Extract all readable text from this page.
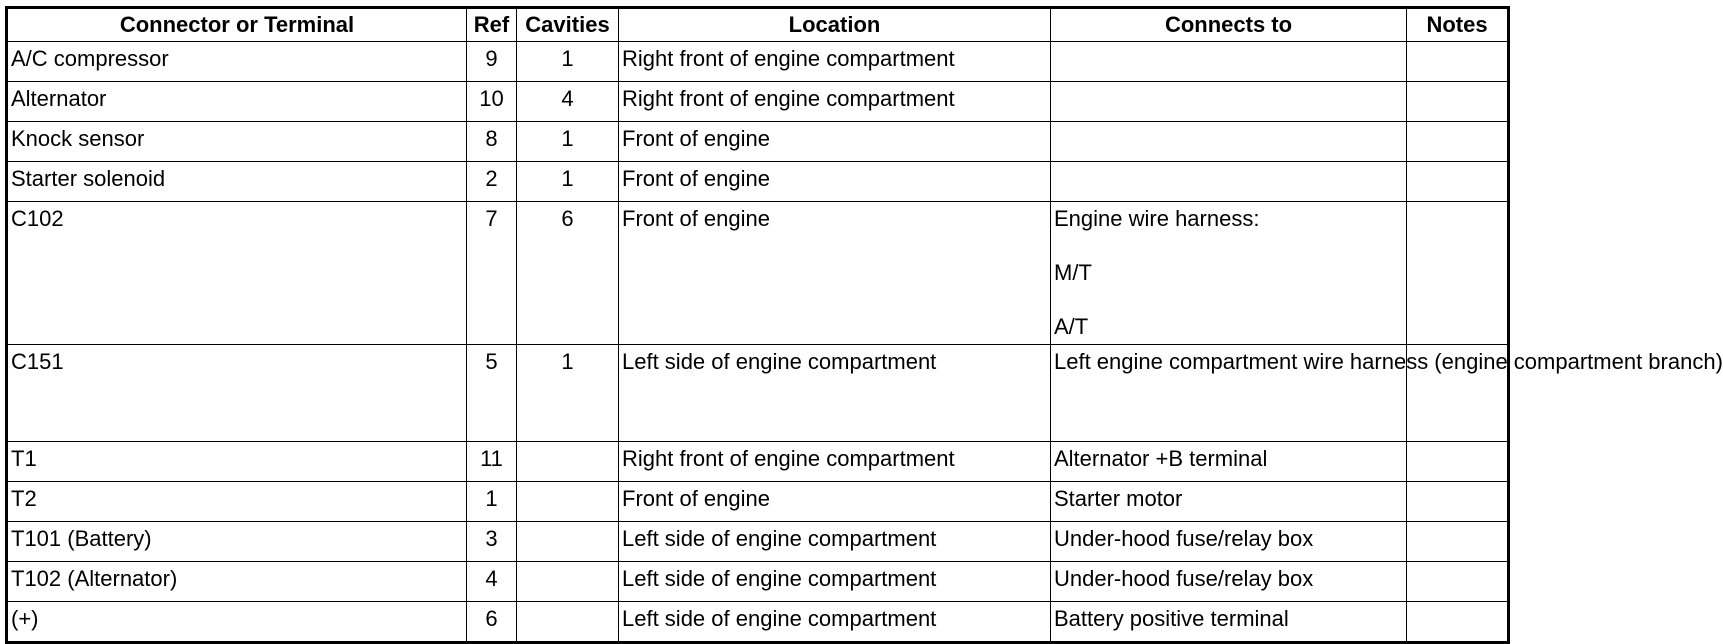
Connector or Terminal	Ref	Cavities	Location	Connects to	Notes
A/C compressor	9	1	Right front of engine compartment		
Alternator	10	4	Right front of engine compartment		
Knock sensor	8	1	Front of engine		
Starter solenoid	2	1	Front of engine		
C102	7	6	Front of engine	Engine wire harness:
M/T
A/T	

C151	5	1	Left side of engine compartment	Left engine compartment wire harness (engine compartment branch)	
T1	11		Right front of engine compartment	Alternator +B terminal	
T2	1		Front of engine	Starter motor	
T101 (Battery)	3		Left side of engine compartment	Under-hood fuse/relay box	
T102 (Alternator)	4		Left side of engine compartment	Under-hood fuse/relay box	
(+)	6		Left side of engine compartment	Battery positive terminal	
